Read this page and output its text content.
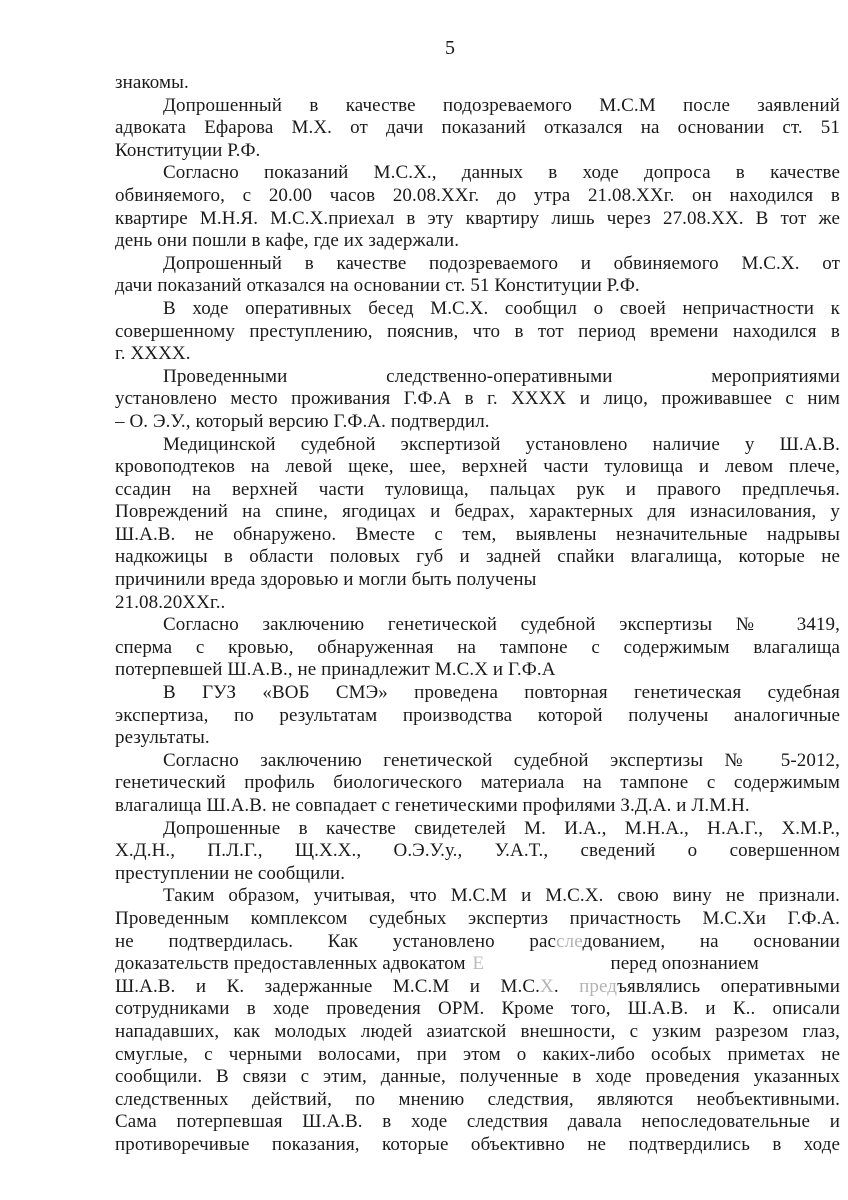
5
знакомы.
Допрошенный в качестве подозреваемого М.С.М после заявлений
адвоката Ефарова М.Х. от дачи показаний отказался на основании ст. 51
Конституции Р.Ф.
Согласно показаний М.С.Х., данных в ходе допроса в качестве
обвиняемого, с 20.00 часов 20.08.ХХг. до утра 21.08.ХХг. он находился в
квартире М.Н.Я. М.С.Х.приехал в эту квартиру лишь через 27.08.ХХ. В тот же
день они пошли в кафе, где их задержали.
Допрошенный в качестве подозреваемого и обвиняемого М.С.Х. от
дачи показаний отказался на основании ст. 51 Конституции Р.Ф.
В ходе оперативных бесед М.С.Х. сообщил о своей непричастности к
совершенному преступлению, пояснив, что в тот период времени находился в
г. ХХХХ.
Проведенными следственно-оперативными мероприятиями
установлено место проживания Г.Ф.А в г. ХХХХ и лицо, проживавшее с ним
– О. Э.У., который версию Г.Ф.А. подтвердил.
Медицинской судебной экспертизой установлено наличие у Ш.А.В.
кровоподтеков на левой щеке, шее, верхней части туловища и левом плече,
ссадин на верхней части туловища, пальцах рук и правого предплечья.
Повреждений на спине, ягодицах и бедрах, характерных для изнасилования, у
Ш.А.В. не обнаружено. Вместе с тем, выявлены незначительные надрывы
надкожицы в области половых губ и задней спайки влагалища, которые не
причинили вреда здоровью и могли быть получены
21.08.20ХХг..
Согласно заключению генетической судебной экспертизы № 3419,
сперма с кровью, обнаруженная на тампоне с содержимым влагалища
потерпевшей Ш.А.В., не принадлежит М.С.Х и Г.Ф.А
В ГУЗ «ВОБ СМЭ» проведена повторная генетическая судебная
экспертиза, по результатам производства которой получены аналогичные
результаты.
Согласно заключению генетической судебной экспертизы № 5-2012,
генетический профиль биологического материала на тампоне с содержимым
влагалища Ш.А.В. не совпадает с генетическими профилями З.Д.А. и Л.М.Н.
Допрошенные в качестве свидетелей М. И.А., М.Н.А., Н.А.Г., Х.М.Р.,
Х.Д.Н., П.Л.Г., Щ.Х.Х., О.Э.У.у., У.А.Т., сведений о совершенном
преступлении не сообщили.
Таким образом, учитывая, что М.С.М и М.С.Х. свою вину не признали.
Проведенным комплексом судебных экспертиз причастность М.С.Хи Г.Ф.А.
не подтвердилась. Как установлено расследованием, на основании
доказательств предоставленных адвокатом Е	перед опознанием
Ш.А.В. и К. задержанные М.С.М и М.С.Х. предъявлялись оперативными
сотрудниками в ходе проведения ОРМ. Кроме того, Ш.А.В. и К.. описали
нападавших, как молодых людей азиатской внешности, с узким разрезом глаз,
смуглые, с черными волосами, при этом о каких-либо особых приметах не
сообщили. В связи с этим, данные, полученные в ходе проведения указанных
следственных действий, по мнению следствия, являются необъективными.
Сама потерпевшая Ш.А.В. в ходе следствия давала непоследовательные и
противоречивые показания, которые объективно не подтвердились в ходе
